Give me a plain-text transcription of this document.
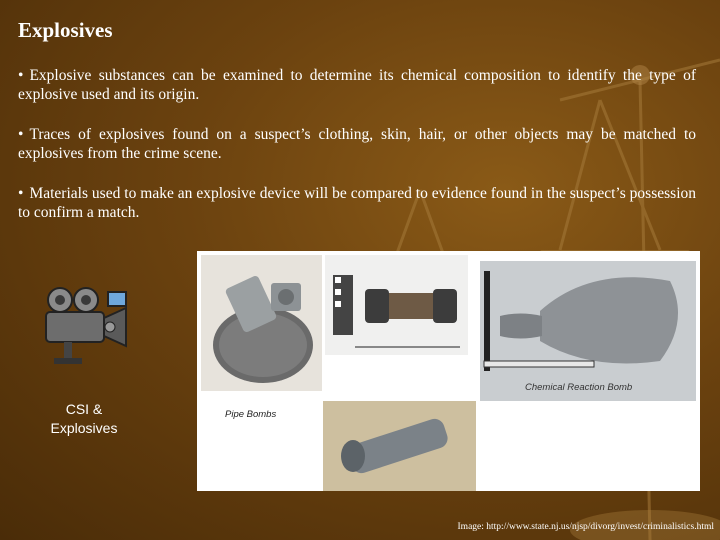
Explosives
• Explosive substances can be examined to determine its chemical composition to identify the type of explosive used and its origin.
• Traces of explosives found on a suspect’s clothing, skin, hair, or other objects may be matched to explosives from the crime scene.
• Materials used to make an explosive device will be compared to evidence found in the suspect’s possession to confirm a match.
CSI &
Explosives
Pipe Bombs
Chemical Reaction Bomb
Image: http://www.state.nj.us/njsp/divorg/invest/criminalistics.html
